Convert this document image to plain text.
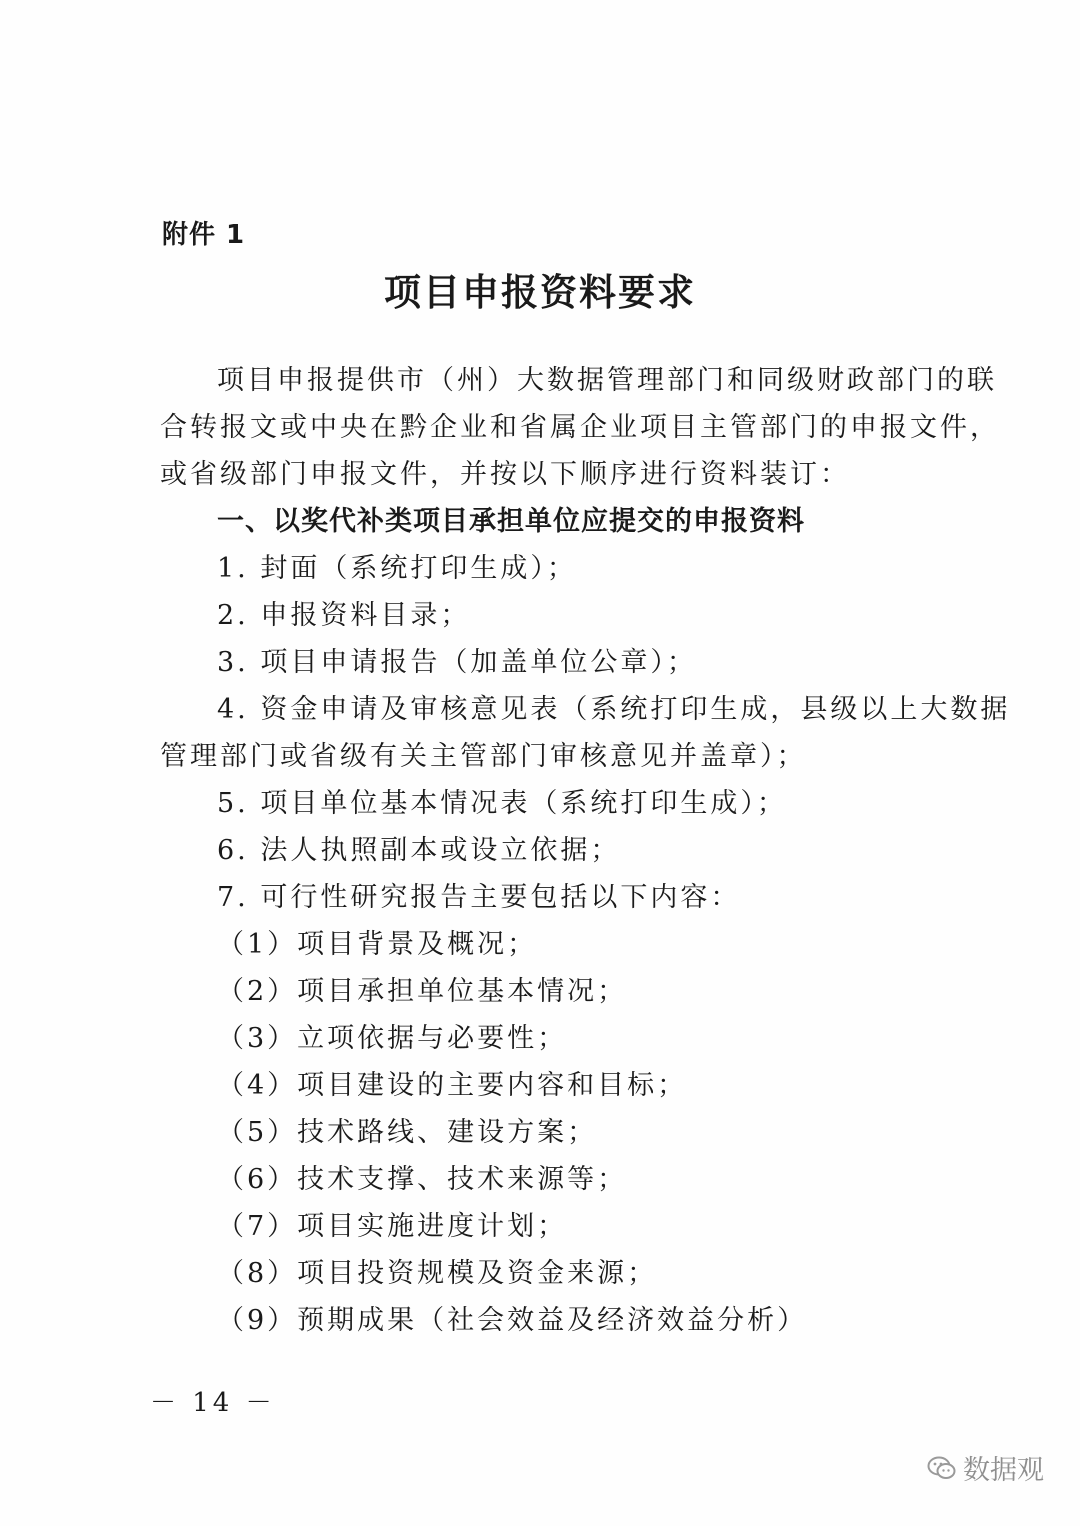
附件 1
项目申报资料要求
项目申报提供市（州）大数据管理部门和同级财政部门的联
合转报文或中央在黔企业和省属企业项目主管部门的申报文件，
或省级部门申报文件，并按以下顺序进行资料装订：
一、以奖代补类项目承担单位应提交的申报资料
1. 封面（系统打印生成）；
2. 申报资料目录；
3. 项目申请报告（加盖单位公章）；
4. 资金申请及审核意见表（系统打印生成，县级以上大数据
管理部门或省级有关主管部门审核意见并盖章）；
5. 项目单位基本情况表（系统打印生成）；
6. 法人执照副本或设立依据；
7. 可行性研究报告主要包括以下内容：
（1）项目背景及概况；
（2）项目承担单位基本情况；
（3）立项依据与必要性；
（4）项目建设的主要内容和目标；
（5）技术路线、建设方案；
（6）技术支撑、技术来源等；
（7）项目实施进度计划；
（8）项目投资规模及资金来源；
（9）预期成果（社会效益及经济效益分析）
－ 14 －
数据观
